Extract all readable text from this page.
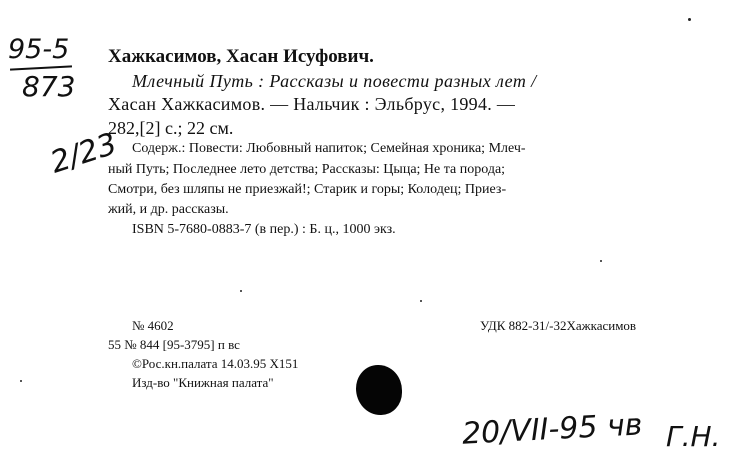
95-5
873
2/23
Хажкасимов, Хасан Исуфович.
Млечный Путь : Рассказы и повести разных лет /
Хасан Хажкасимов. — Нальчик : Эльбрус, 1994. —
282,[2] с.; 22 см.
Содерж.: Повести: Любовный напиток; Семейная хроника; Млеч-
ный Путь; Последнее лето детства; Рассказы: Цыца; Не та порода;
Смотри, без шляпы не приезжай!; Старик и горы; Колодец; Приез-
жий, и др. рассказы.
ISBN 5-7680-0883-7 (в пер.) : Б. ц., 1000 экз.
№ 4602	УДК 882-31/-32Хажкасимов
55 № 844 [95-3795] п вс
©Рос.кн.палата 14.03.95 Х151
Изд-во "Книжная палата"
20/VII-95 чв Г.Н.
